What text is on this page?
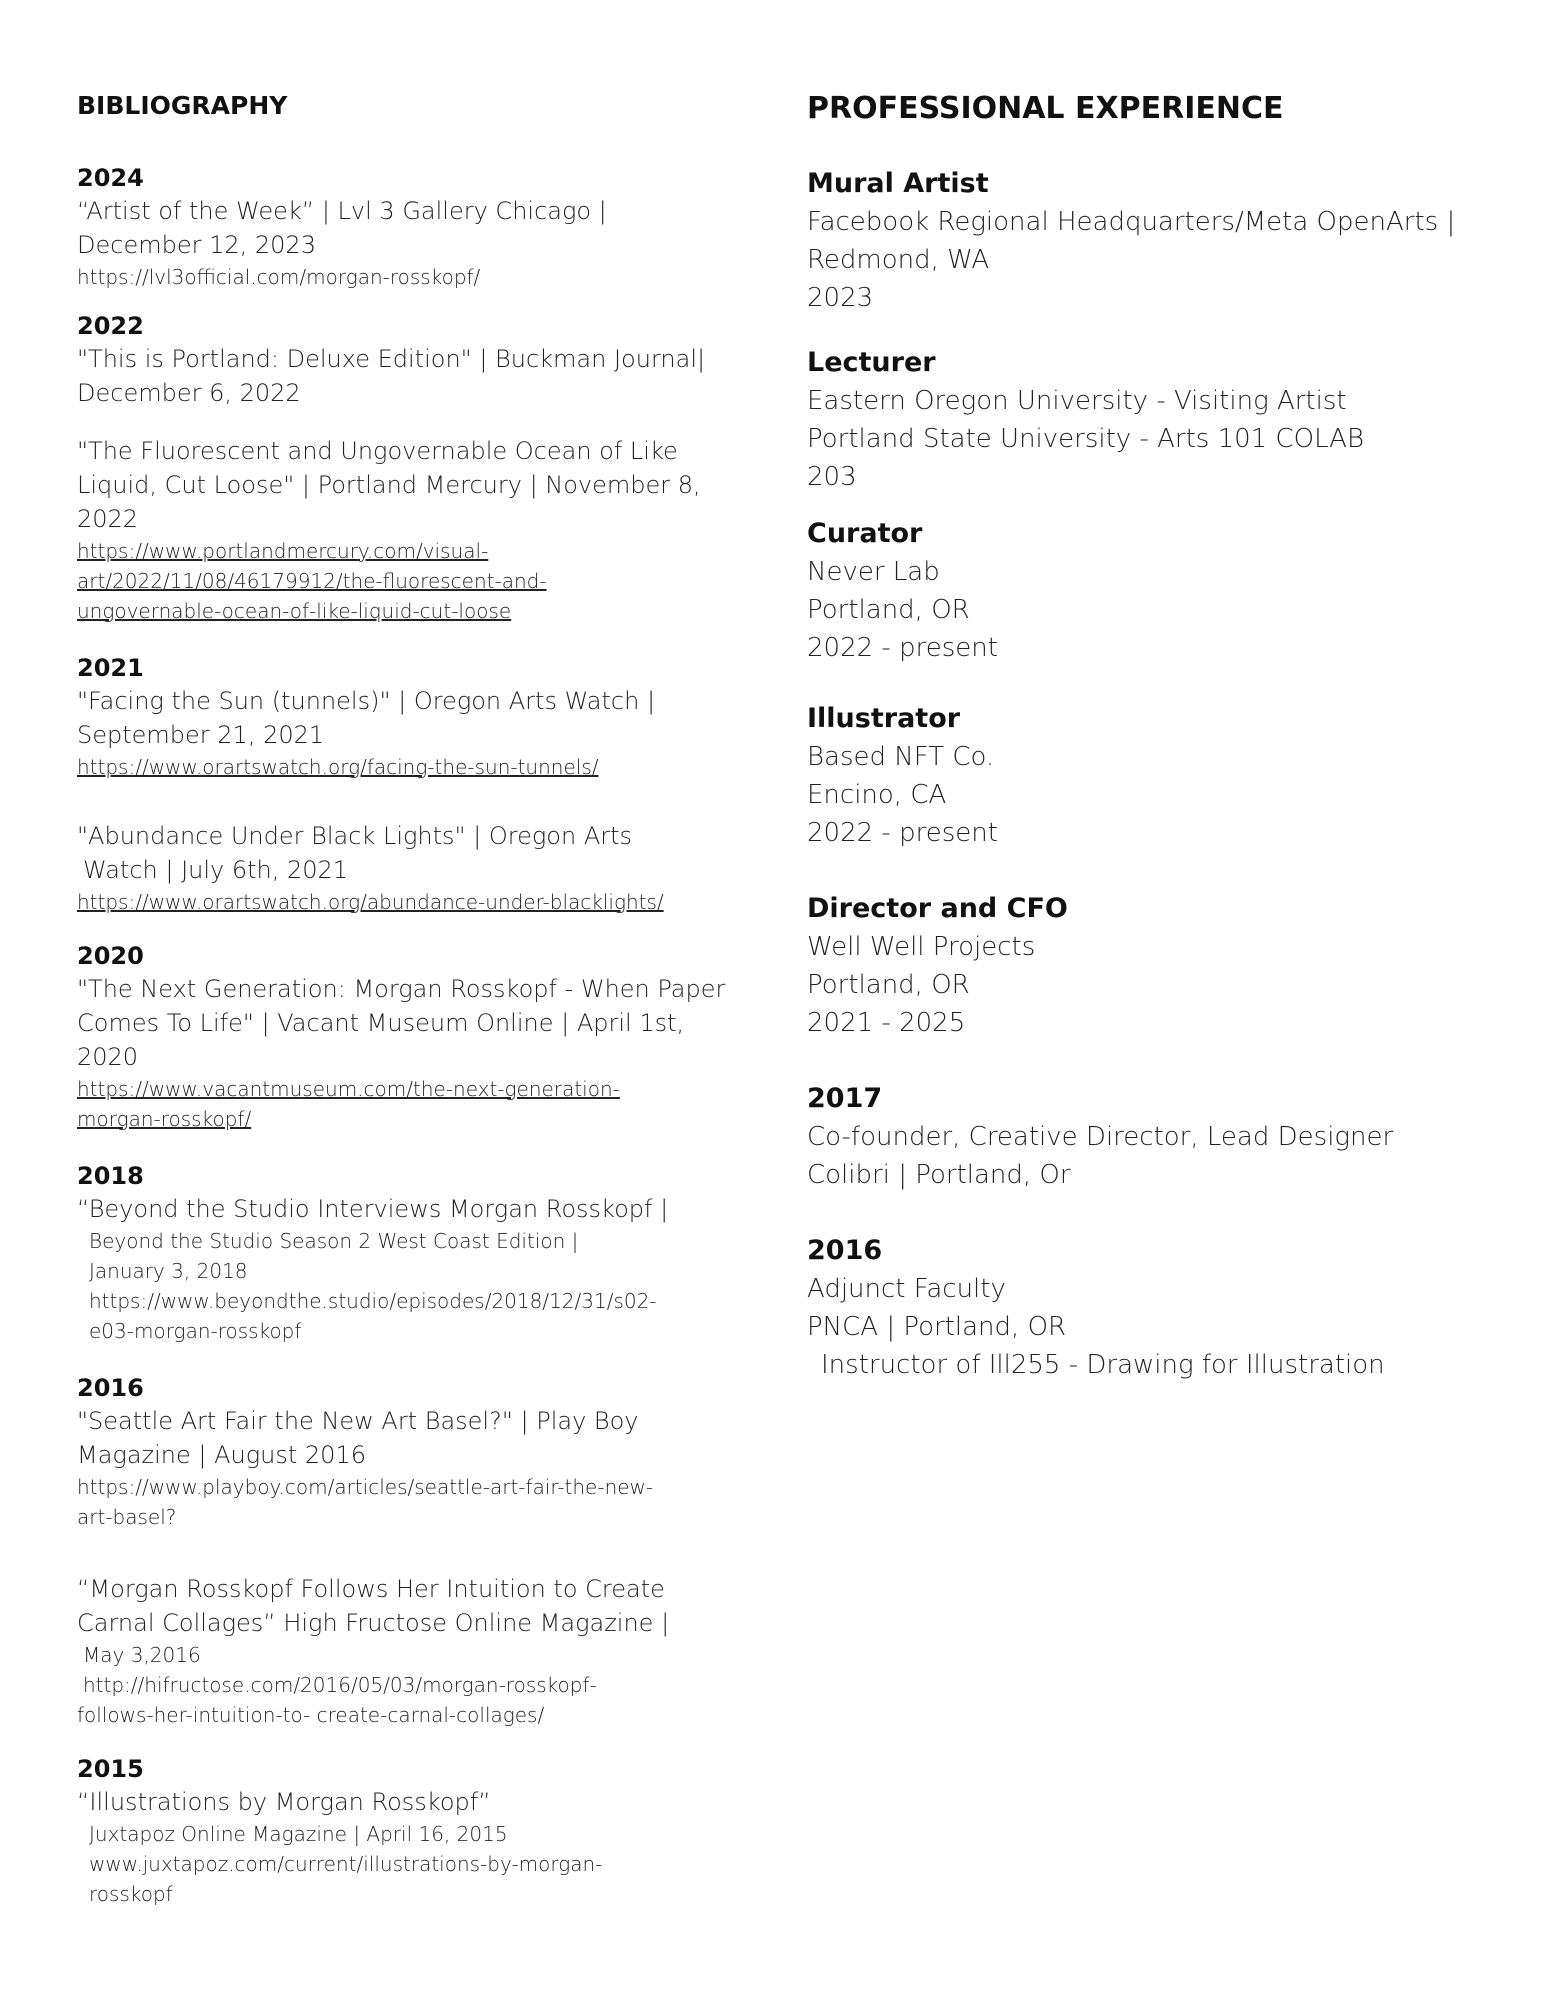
BIBLIOGRAPHY
2024
“Artist of the Week” | Lvl 3 Gallery Chicago |
December 12, 2023
https://lvl3official.com/morgan-rosskopf/
2022
"This is Portland: Deluxe Edition" | Buckman Journal|
December 6, 2022
"The Fluorescent and Ungovernable Ocean of Like
Liquid, Cut Loose" | Portland Mercury | November 8,
2022
https://www.portlandmercury.com/visual-
art/2022/11/08/46179912/the-fluorescent-and-
ungovernable-ocean-of-like-liquid-cut-loose
2021
"Facing the Sun (tunnels)" | Oregon Arts Watch |
September 21, 2021
https://www.orartswatch.org/facing-the-sun-tunnels/
"Abundance Under Black Lights" | Oregon Arts
Watch | July 6th, 2021
https://www.orartswatch.org/abundance-under-blacklights/
2020
"The Next Generation: Morgan Rosskopf - When Paper
Comes To Life" | Vacant Museum Online | April 1st,
2020
https://www.vacantmuseum.com/the-next-generation-
morgan-rosskopf/
2018
“Beyond the Studio Interviews Morgan Rosskopf |
Beyond the Studio Season 2 West Coast Edition |
January 3, 2018
https://www.beyondthe.studio/episodes/2018/12/31/s02-
e03-morgan-rosskopf
2016
"Seattle Art Fair the New Art Basel?" | Play Boy
Magazine | August 2016
https://www.playboy.com/articles/seattle-art-fair-the-new-
art-basel?
“Morgan Rosskopf Follows Her Intuition to Create
Carnal Collages” High Fructose Online Magazine |
May 3,2016
http://hifructose.com/2016/05/03/morgan-rosskopf-
follows-her-intuition-to- create-carnal-collages/
2015
“Illustrations by Morgan Rosskopf”
Juxtapoz Online Magazine | April 16, 2015
www.juxtapoz.com/current/illustrations-by-morgan-
rosskopf
PROFESSIONAL EXPERIENCE
Mural Artist
Facebook Regional Headquarters/Meta OpenArts |
Redmond, WA
2023
Lecturer
Eastern Oregon University - Visiting Artist
Portland State University - Arts 101 COLAB
203
Curator
Never Lab
Portland, OR
2022 - present
Illustrator
Based NFT Co.
Encino, CA
2022 - present
Director and CFO
Well Well Projects
Portland, OR
2021 - 2025
2017
Co-founder, Creative Director, Lead Designer
Colibri | Portland, Or
2016
Adjunct Faculty
PNCA | Portland, OR
Instructor of Ill255 - Drawing for Illustration
